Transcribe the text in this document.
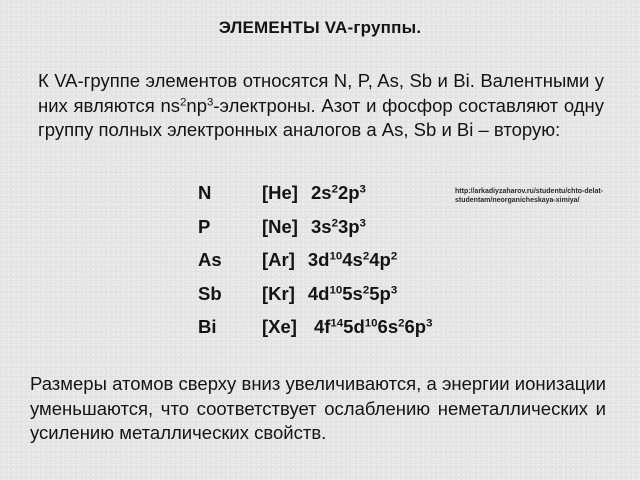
ЭЛЕМЕНТЫ VA-группы.

К VA-группе элементов относятся N, P, As, Sb и Bi. Валентными у них являются $ns^2np^3$-электроны. Азот и фосфор составляют одну группу полных электронных аналогов а As, Sb и Bi – вторую:

N	[He] $2s^22p^3$
P	[Ne] $3s^23p^3$
As	[Ar] $3d^{10}4s^24p^2$
Sb	[Kr] $4d^{10}5s^25p^3$
Bi	[Xe] $4f^{14}5d^{10}6s^26p^3$

http://arkadiyzaharov.ru/studentu/chto-delat-studentam/neorganicheskaya-ximiya/

Размеры атомов сверху вниз увеличиваются, а энергии ионизации уменьшаются, что соответствует ослаблению неметаллических и усилению металлических свойств.
